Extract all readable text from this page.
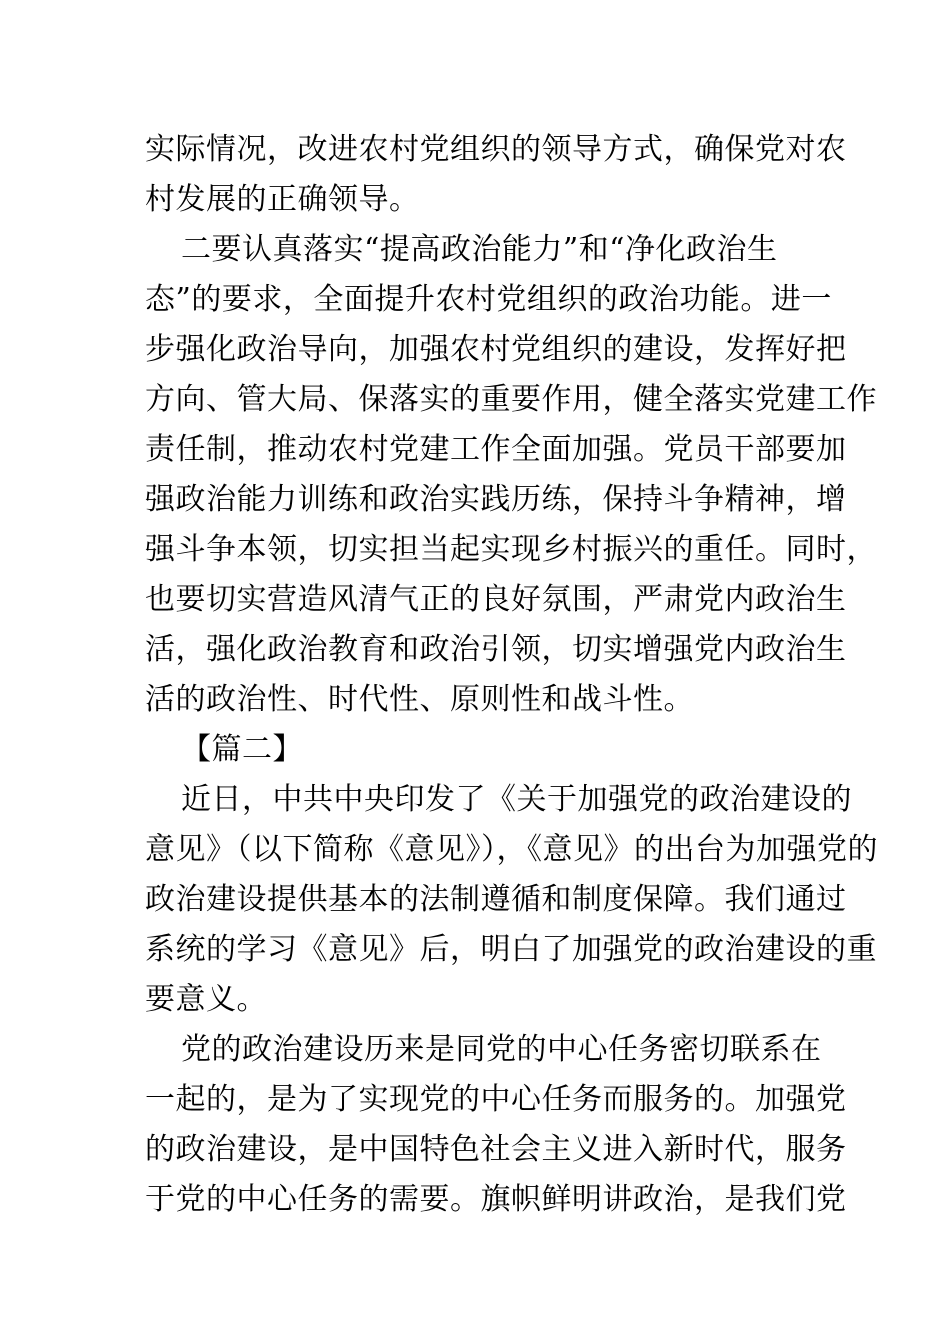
实际情况，改进农村党组织的领导方式，确保党对农
村发展的正确领导。
二要认真落实“提高政治能力”和“净化政治生
态”的要求，全面提升农村党组织的政治功能。进一
步强化政治导向，加强农村党组织的建设，发挥好把
方向、管大局、保落实的重要作用，健全落实党建工作
责任制，推动农村党建工作全面加强。党员干部要加
强政治能力训练和政治实践历练，保持斗争精神，增
强斗争本领，切实担当起实现乡村振兴的重任。同时，
也要切实营造风清气正的良好氛围，严肃党内政治生
活，强化政治教育和政治引领，切实增强党内政治生
活的政治性、时代性、原则性和战斗性。
【篇二】
近日，中共中央印发了《关于加强党的政治建设的
意见》（以下简称《意见》），《意见》的出台为加强党的
政治建设提供基本的法制遵循和制度保障。我们通过
系统的学习《意见》后，明白了加强党的政治建设的重
要意义。
党的政治建设历来是同党的中心任务密切联系在
一起的，是为了实现党的中心任务而服务的。加强党
的政治建设，是中国特色社会主义进入新时代，服务
于党的中心任务的需要。旗帜鲜明讲政治，是我们党
